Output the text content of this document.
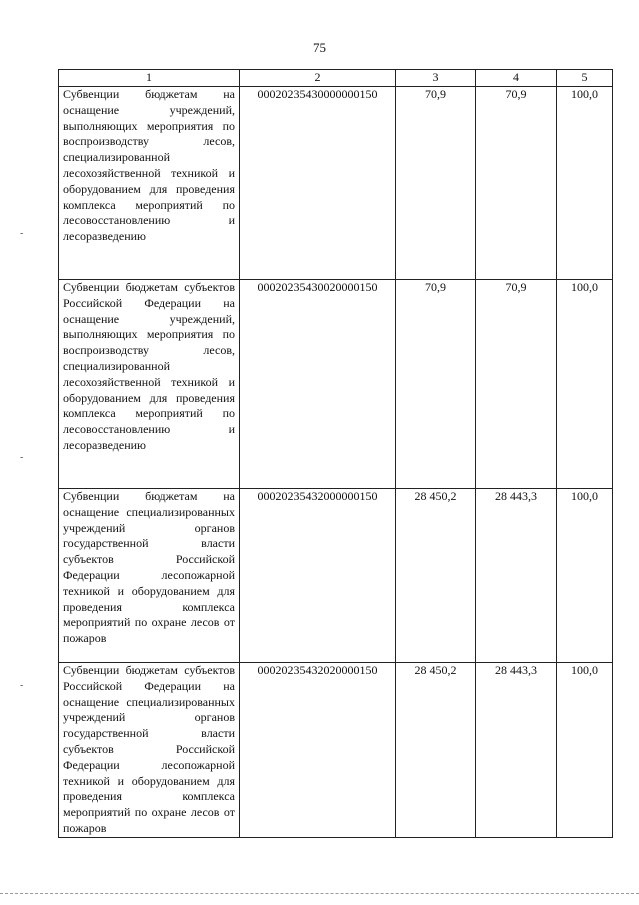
75
1	2	3	4	5
Субвенции бюджетам на оснащение учреждений, выполняющих мероприятия по воспроизводству лесов, специализированной лесохозяйственной техникой и оборудованием для проведения комплекса мероприятий по лесовосстановлению и лесоразведению	00020235430000000150	70,9	70,9	100,0
Субвенции бюджетам субъектов Российской Федерации на оснащение учреждений, выполняющих мероприятия по воспроизводству лесов, специализированной лесохозяйственной техникой и оборудованием для проведения комплекса мероприятий по лесовосстановлению и лесоразведению	00020235430020000150	70,9	70,9	100,0
Субвенции бюджетам на оснащение специализированных учреждений органов государственной власти субъектов Российской Федерации лесопожарной техникой и оборудованием для проведения комплекса мероприятий по охране лесов от пожаров	00020235432000000150	28 450,2	28 443,3	100,0
Субвенции бюджетам субъектов Российской Федерации на оснащение специализированных учреждений органов государственной власти субъектов Российской Федерации лесопожарной техникой и оборудованием для проведения комплекса мероприятий по охране лесов от пожаров	00020235432020000150	28 450,2	28 443,3	100,0
-
-
-
